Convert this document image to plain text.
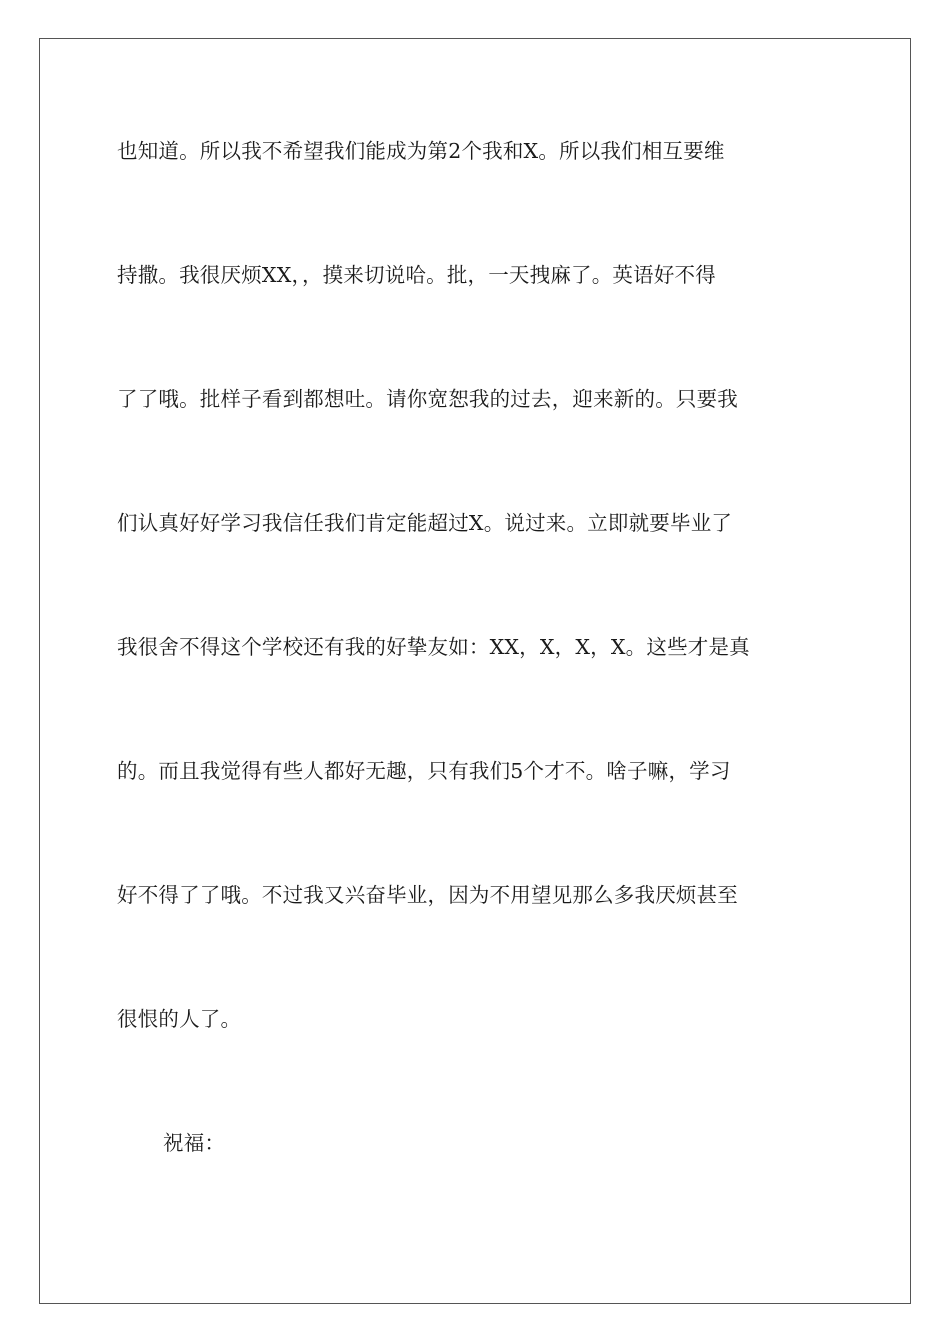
也知道。所以我不希望我们能成为第2个我和X。所以我们相互要维

持撒。我很厌烦XX，，摸来切说哈。批，一天拽麻了。英语好不得

了了哦。批样子看到都想吐。请你宽恕我的过去，迎来新的。只要我

们认真好好学习我信任我们肯定能超过X。说过来。立即就要毕业了

我很舍不得这个学校还有我的好挚友如：XX，X，X，X。这些才是真

的。而且我觉得有些人都好无趣，只有我们5个才不。啥子嘛，学习

好不得了了哦。不过我又兴奋毕业，因为不用望见那么多我厌烦甚至

很恨的人了。

祝福：
